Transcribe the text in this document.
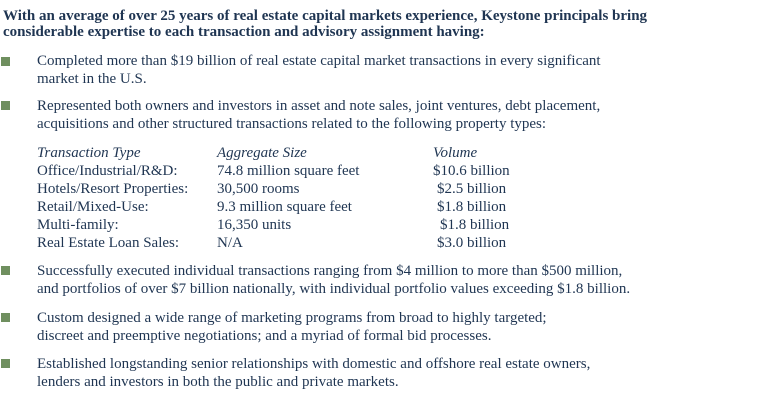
With an average of over 25 years of real estate capital markets experience, Keystone principals bring
considerable expertise to each transaction and advisory assignment having:
Completed more than $19 billion of real estate capital market transactions in every significant
market in the U.S.
Represented both owners and investors in asset and note sales, joint ventures, debt placement,
acquisitions and other structured transactions related to the following property types:
Transaction Type	Aggregate Size	Volume
Office/Industrial/R&D:	74.8 million square feet	$10.6 billion
Hotels/Resort Properties: 30,500 rooms	$2.5 billion
Retail/Mixed-Use:	9.3 million square feet	$1.8 billion
Multi-family:	16,350 units	$1.8 billion
Real Estate Loan Sales:	N/A	$3.0 billion
Successfully executed individual transactions ranging from $4 million to more than $500 million,
and portfolios of over $7 billion nationally, with individual portfolio values exceeding $1.8 billion.
Custom designed a wide range of marketing programs from broad to highly targeted;
discreet and preemptive negotiations; and a myriad of formal bid processes.
Established longstanding senior relationships with domestic and offshore real estate owners,
lenders and investors in both the public and private markets.
